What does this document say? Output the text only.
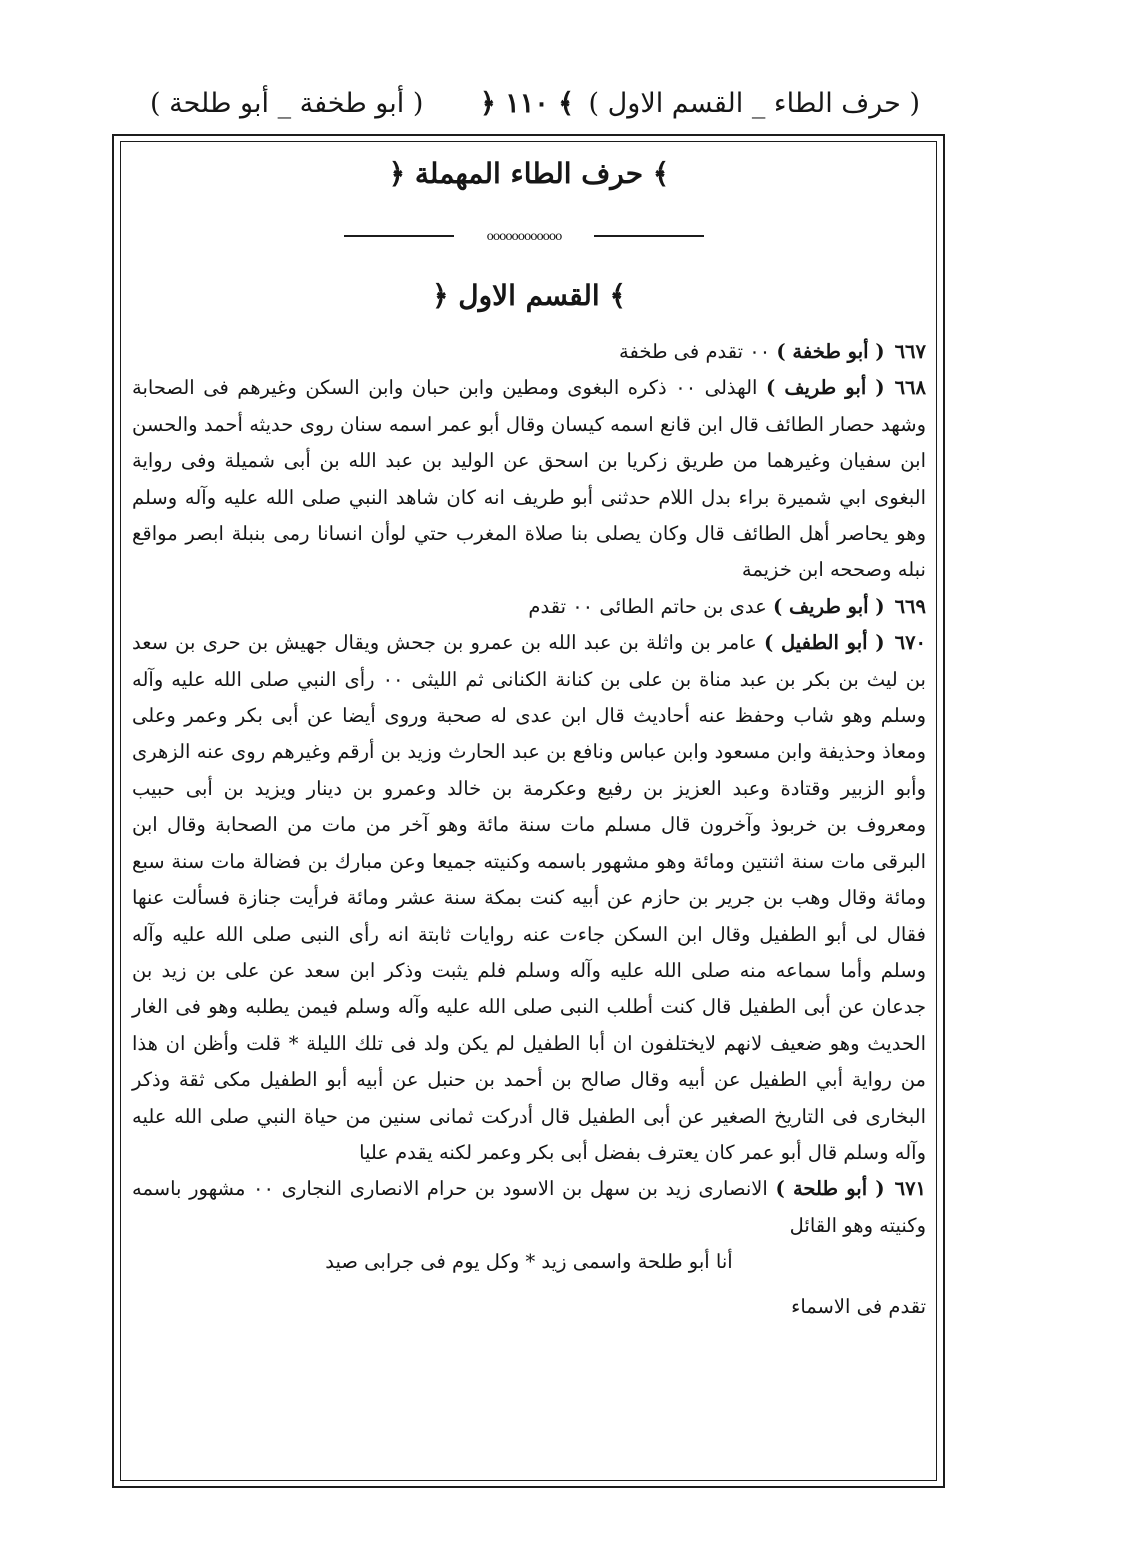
( أبو طخفة _ أبو طلحة ) ﴿ ١١٠ ﴾ ( حرف الطاء _ القسم الاول )
﴿ حرف الطاء المهملة ﴾
oooooooooooo
﴿ القسم الاول ﴾

٦٦٧( أبو طخفة ) ٠٠ تقدم فى طخفة

٦٦٨( أبو طريف ) الهذلى ٠٠ ذكره البغوى ومطين وابن حبان وابن السكن وغيرهم فى الصحابة وشهد حصار الطائف قال ابن قانع اسمه كيسان وقال أبو عمر اسمه سنان روى حديثه أحمد والحسن ابن سفيان وغيرهما من طريق زكريا بن اسحق عن الوليد بن عبد الله بن أبى شميلة وفى رواية البغوى ابي شميرة براء بدل اللام حدثنى أبو طريف انه كان شاهد النبي صلى الله عليه وآله وسلم وهو يحاصر أهل الطائف قال وكان يصلى بنا صلاة المغرب حتي لوأن انسانا رمى بنبلة ابصر مواقع نبله وصححه ابن خزيمة

٦٦٩( أبو طريف ) عدى بن حاتم الطائى ٠٠ تقدم

٦٧٠( أبو الطفيل ) عامر بن واثلة بن عبد الله بن عمرو بن جحش ويقال جهيش بن حرى بن سعد بن ليث بن بكر بن عبد مناة بن على بن كنانة الكنانى ثم الليثى ٠٠ رأى النبي صلى الله عليه وآله وسلم وهو شاب وحفظ عنه أحاديث قال ابن عدى له صحبة وروى أيضا عن أبى بكر وعمر وعلى ومعاذ وحذيفة وابن مسعود وابن عباس ونافع بن عبد الحارث وزيد بن أرقم وغيرهم روى عنه الزهرى وأبو الزبير وقتادة وعبد العزيز بن رفيع وعكرمة بن خالد وعمرو بن دينار ويزيد بن أبى حبيب ومعروف بن خربوذ وآخرون قال مسلم مات سنة مائة وهو آخر من مات من الصحابة وقال ابن البرقى مات سنة اثنتين ومائة وهو مشهور باسمه وكنيته جميعا وعن مبارك بن فضالة مات سنة سبع ومائة وقال وهب بن جرير بن حازم عن أبيه كنت بمكة سنة عشر ومائة فرأيت جنازة فسألت عنها فقال لى أبو الطفيل وقال ابن السكن جاءت عنه روايات ثابتة انه رأى النبى صلى الله عليه وآله وسلم وأما سماعه منه صلى الله عليه وآله وسلم فلم يثبت وذكر ابن سعد عن على بن زيد بن جدعان عن أبى الطفيل قال كنت أطلب النبى صلى الله عليه وآله وسلم فيمن يطلبه وهو فى الغار الحديث وهو ضعيف لانهم لايختلفون ان أبا الطفيل لم يكن ولد فى تلك الليلة * قلت وأظن ان هذا من رواية أبي الطفيل عن أبيه وقال صالح بن أحمد بن حنبل عن أبيه أبو الطفيل مكى ثقة وذكر البخارى فى التاريخ الصغير عن أبى الطفيل قال أدركت ثمانى سنين من حياة النبي صلى الله عليه وآله وسلم قال أبو عمر كان يعترف بفضل أبى بكر وعمر لكنه يقدم عليا

٦٧١( أبو طلحة ) الانصارى زيد بن سهل بن الاسود بن حرام الانصارى النجارى ٠٠ مشهور باسمه وكنيته وهو القائل

أنا أبو طلحة واسمى زيد * وكل يوم فى جرابى صيد

تقدم فى الاسماء
